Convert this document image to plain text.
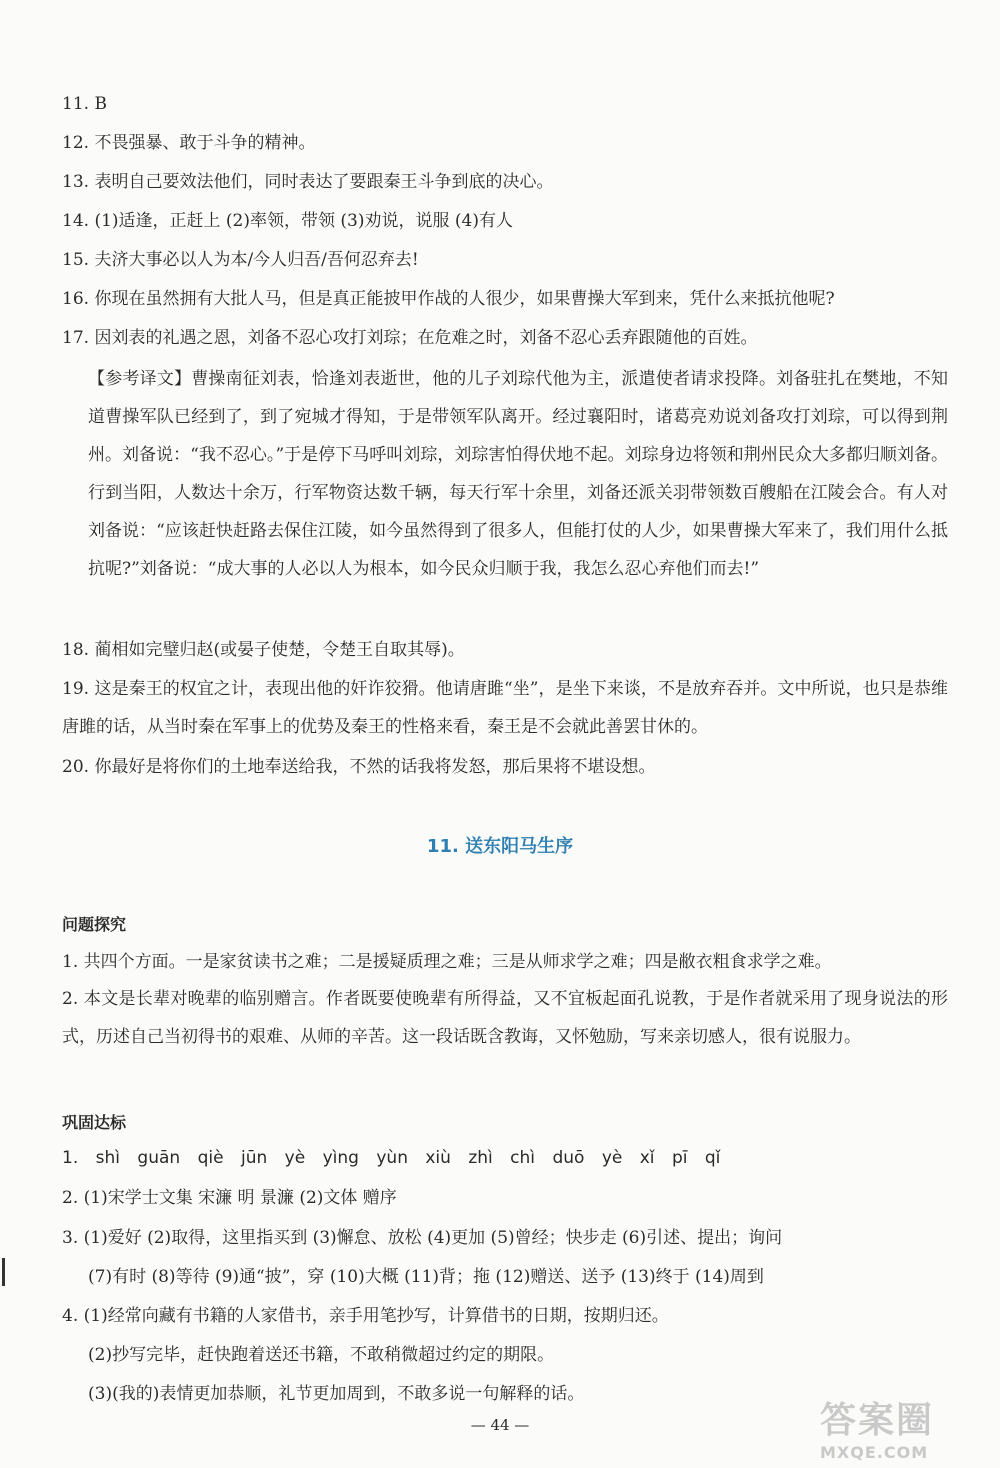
11. B
12. 不畏强暴、敢于斗争的精神。
13. 表明自己要效法他们，同时表达了要跟秦王斗争到底的决心。
14. (1)适逢，正赶上 (2)率领，带领 (3)劝说，说服 (4)有人
15. 夫济大事必以人为本/今人归吾/吾何忍弃去!
16. 你现在虽然拥有大批人马，但是真正能披甲作战的人很少，如果曹操大军到来，凭什么来抵抗他呢?
17. 因刘表的礼遇之恩，刘备不忍心攻打刘琮；在危难之时，刘备不忍心丢弃跟随他的百姓。
【参考译文】曹操南征刘表，恰逢刘表逝世，他的儿子刘琮代他为主，派遣使者请求投降。刘备驻扎在樊地，不知道曹操军队已经到了，到了宛城才得知，于是带领军队离开。经过襄阳时，诸葛亮劝说刘备攻打刘琮，可以得到荆州。刘备说：“我不忍心。”于是停下马呼叫刘琮，刘琮害怕得伏地不起。刘琮身边将领和荆州民众大多都归顺刘备。行到当阳，人数达十余万，行军物资达数千辆，每天行军十余里，刘备还派关羽带领数百艘船在江陵会合。有人对刘备说：“应该赶快赶路去保住江陵，如今虽然得到了很多人，但能打仗的人少，如果曹操大军来了，我们用什么抵抗呢?”刘备说：“成大事的人必以人为根本，如今民众归顺于我，我怎么忍心弃他们而去!”
18. 蔺相如完璧归赵(或晏子使楚，令楚王自取其辱)。
19. 这是秦王的权宜之计，表现出他的奸诈狡猾。他请唐雎“坐”，是坐下来谈，不是放弃吞并。文中所说，也只是恭维唐雎的话，从当时秦在军事上的优势及秦王的性格来看，秦王是不会就此善罢甘休的。
20. 你最好是将你们的土地奉送给我，不然的话我将发怒，那后果将不堪设想。
11. 送东阳马生序
问题探究
1. 共四个方面。一是家贫读书之难；二是援疑质理之难；三是从师求学之难；四是敝衣粗食求学之难。
2. 本文是长辈对晚辈的临别赠言。作者既要使晚辈有所得益，又不宜板起面孔说教，于是作者就采用了现身说法的形式，历述自己当初得书的艰难、从师的辛苦。这一段话既含教诲，又怀勉励，写来亲切感人，很有说服力。
巩固达标
1. shì guān qiè jūn yè yìng yùn xiù zhì chì duō yè xǐ pī qǐ
2. (1)宋学士文集 宋濂 明 景濂 (2)文体 赠序
3. (1)爱好 (2)取得，这里指买到 (3)懈怠、放松 (4)更加 (5)曾经；快步走 (6)引述、提出；询问
(7)有时 (8)等待 (9)通“披”，穿 (10)大概 (11)背；拖 (12)赠送、送予 (13)终于 (14)周到
4. (1)经常向藏有书籍的人家借书，亲手用笔抄写，计算借书的日期，按期归还。
(2)抄写完毕，赶快跑着送还书籍，不敢稍微超过约定的期限。
(3)(我的)表情更加恭顺，礼节更加周到，不敢多说一句解释的话。
— 44 —	答案圈
MXQE.COM
